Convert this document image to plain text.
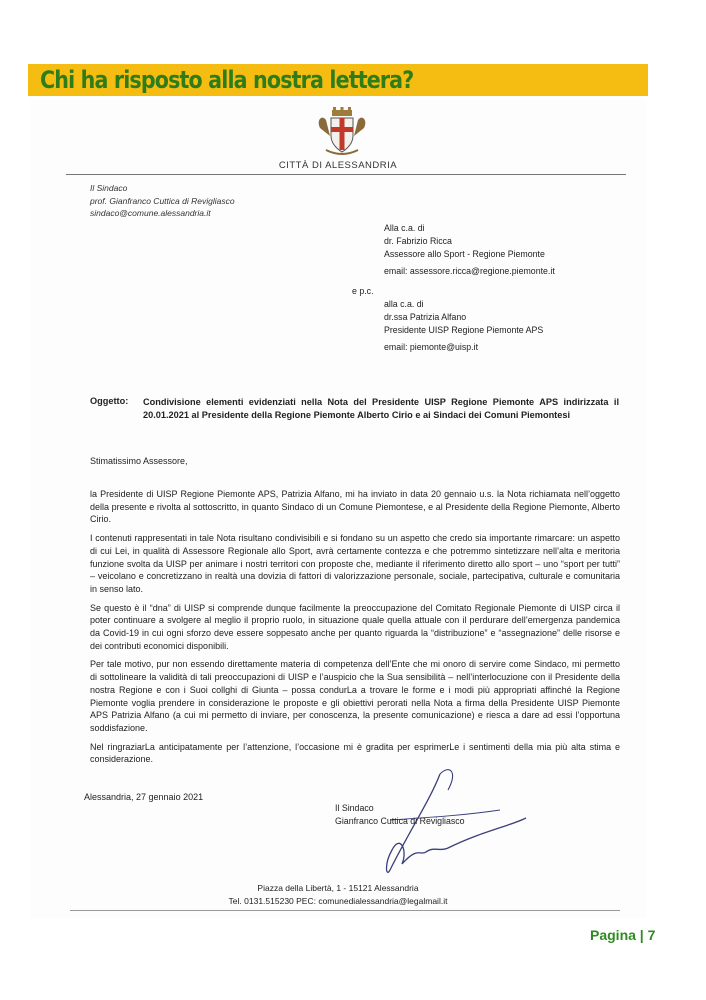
Chi ha risposto alla nostra lettera?
CITTÀ DI ALESSANDRIA
Il Sindaco
prof. Gianfranco Cuttica di Revigliasco
sindaco@comune.alessandria.it
Alla c.a. di
dr. Fabrizio Ricca
Assessore allo Sport - Regione Piemonte
email: assessore.ricca@regione.piemonte.it
e p.c.
alla c.a. di
dr.ssa Patrizia Alfano
Presidente UISP Regione Piemonte APS
email: piemonte@uisp.it
Oggetto: Condivisione elementi evidenziati nella Nota del Presidente UISP Regione Piemonte APS indirizzata il 20.01.2021 al Presidente della Regione Piemonte Alberto Cirio e ai Sindaci dei Comuni Piemontesi
Stimatissimo Assessore,

la Presidente di UISP Regione Piemonte APS, Patrizia Alfano, mi ha inviato in data 20 gennaio u.s. la Nota richiamata nell’oggetto della presente e rivolta al sottoscritto, in quanto Sindaco di un Comune Piemontese, e al Presidente della Regione Piemonte, Alberto Cirio.

I contenuti rappresentati in tale Nota risultano condivisibili e si fondano su un aspetto che credo sia importante rimarcare: un aspetto di cui Lei, in qualità di Assessore Regionale allo Sport, avrà certamente contezza e che potremmo sintetizzare nell’alta e meritoria funzione svolta da UISP per animare i nostri territori con proposte che, mediante il riferimento diretto allo sport – uno “sport per tutti” – veicolano e concretizzano in realtà una dovizia di fattori di valorizzazione personale, sociale, partecipativa, culturale e comunitaria in senso lato.

Se questo è il “dna” di UISP si comprende dunque facilmente la preoccupazione del Comitato Regionale Piemonte di UISP circa il poter continuare a svolgere al meglio il proprio ruolo, in situazione quale quella attuale con il perdurare dell’emergenza pandemica da Covid-19 in cui ogni sforzo deve essere soppesato anche per quanto riguarda la “distribuzione” e “assegnazione” delle risorse e dei contributi economici disponibili.

Per tale motivo, pur non essendo direttamente materia di competenza dell’Ente che mi onoro di servire come Sindaco, mi permetto di sottolineare la validità di tali preoccupazioni di UISP e l’auspicio che la Sua sensibilità – nell’interlocuzione con il Presidente della nostra Regione e con i Suoi collghi di Giunta – possa condurLa a trovare le forme e i modi più appropriati affinché la Regione Piemonte voglia prendere in considerazione le proposte e gli obiettivi perorati nella Nota a firma della Presidente UISP Piemonte APS Patrizia Alfano (a cui mi permetto di inviare, per conoscenza, la presente comunicazione) e riesca a dare ad essi l’opportuna soddisfazione.

Nel ringraziarLa anticipatamente per l’attenzione, l’occasione mi è gradita per esprimerLe i sentimenti della mia più alta stima e considerazione.

Alessandria, 27 gennaio 2021
Il Sindaco
Gianfranco Cuttica di Revigliasco
Piazza della Libertà, 1 - 15121 Alessandria
Tel. 0131.515230 PEC: comunedialessandria@legalmail.it
Pagina | 7
